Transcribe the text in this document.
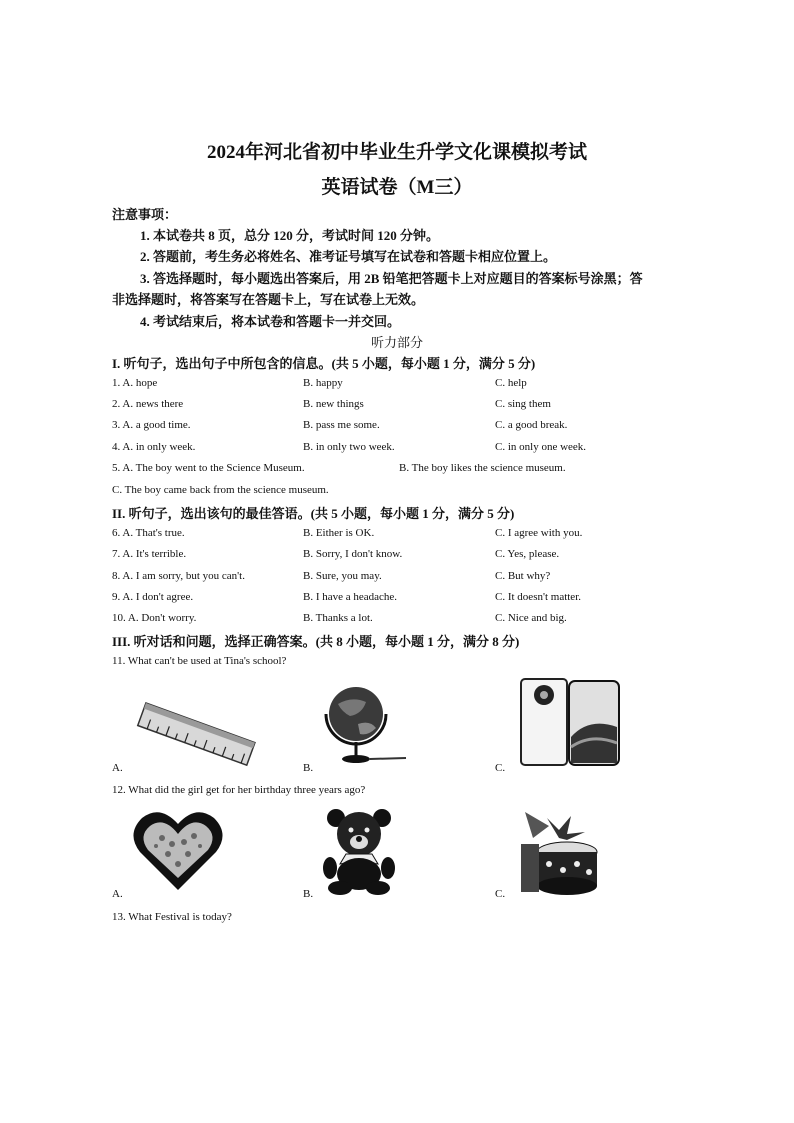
2024年河北省初中毕业生升学文化课模拟考试
英语试卷（M三）
注意事项：
1. 本试卷共 8 页，总分 120 分，考试时间 120 分钟。
2. 答题前，考生务必将姓名、准考证号填写在试卷和答题卡相应位置上。
3. 答选择题时，每小题选出答案后，用 2B 铅笔把答题卡上对应题目的答案标号涂黑；答
非选择题时，将答案写在答题卡上，写在试卷上无效。
4. 考试结束后，将本试卷和答题卡一并交回。
听力部分
I. 听句子，选出句子中所包含的信息。(共 5 小题，每小题 1 分，满分 5 分)
1. A. hope	B. happy	C. help
2. A. news there	B. new things	C. sing them
3. A. a good time.	B. pass me some.	C. a good break.
4. A. in only week.	B. in only two week.	C. in only one week.
5. A. The boy went to the Science Museum.	B. The boy likes the science museum.
C. The boy came back from the science museum.
II. 听句子，选出该句的最佳答语。(共 5 小题，每小题 1 分，满分 5 分)
6. A. That's true.	B. Either is OK.	C. I agree with you.
7. A. It's terrible.	B. Sorry, I don't know.	C. Yes, please.
8. A. I am sorry, but you can't.	B. Sure, you may.	C. But why?
9. A. I don't agree.	B. I have a headache.	C. It doesn't matter.
10. A. Don't worry.	B. Thanks a lot.	C. Nice and big.
III. 听对话和问题，选择正确答案。(共 8 小题，每小题 1 分，满分 8 分)
11. What can't be used at Tina's school?
A.	B.	C.
12. What did the girl get for her birthday three years ago?
A.	B.	C.
13. What Festival is today?
